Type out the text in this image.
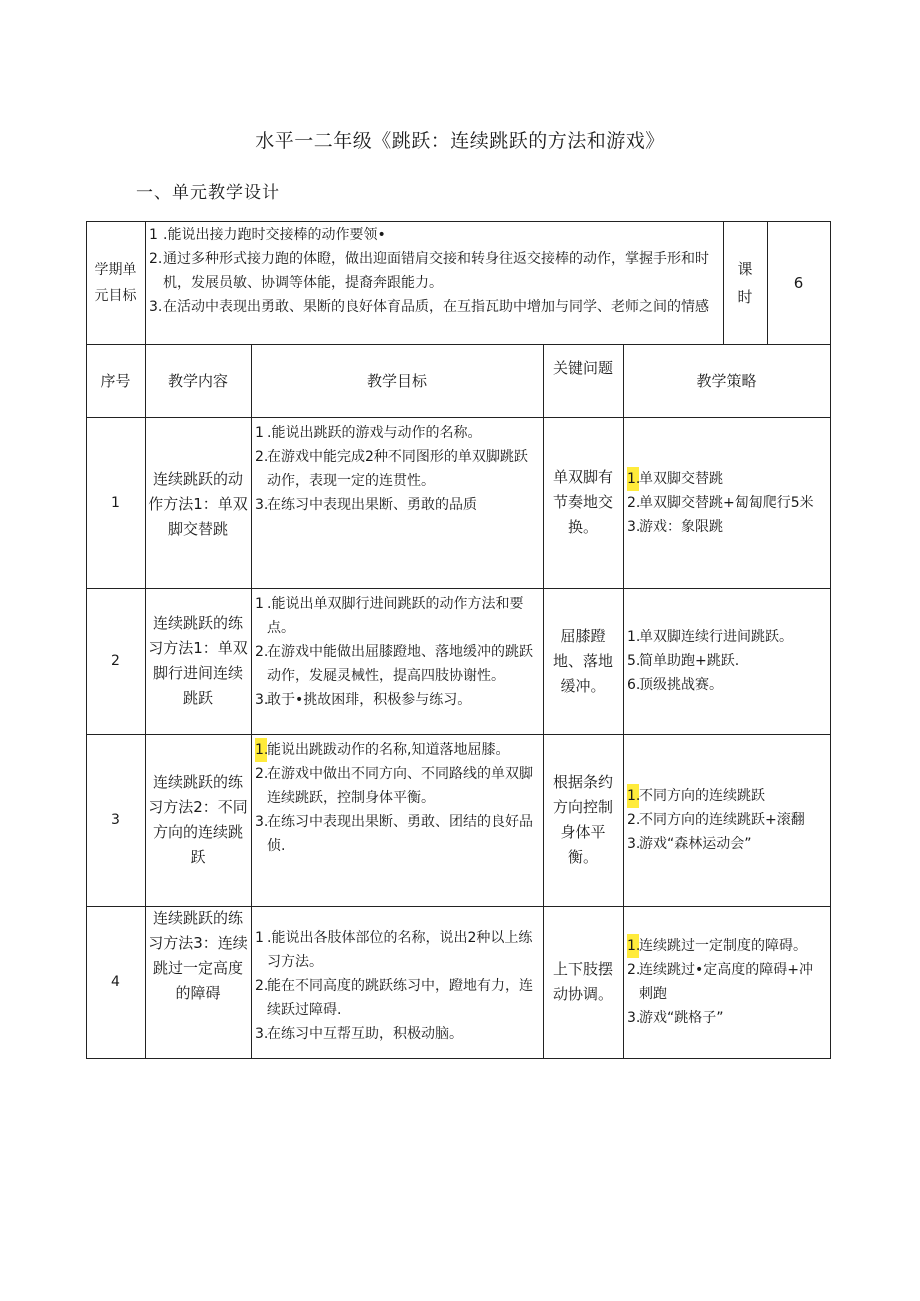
水平一二年级《跳跃：连续跳跃的方法和游戏》
一、单元教学设计
学期单元目标
1 .能说出接力跑时交接棒的动作要领•
2. 通过多种形式接力跑的体瞪，做出迎面错肩交接和转身往返交接棒的动作，掌握手形和时机，发展员敏、协调等体能，提裔奔跟能力。
3. 在活动中表现出勇敢、果断的良好体育品质，在互指瓦助中增加与同学、老师之间的情感
课时
6
序号	教学内容	教学目标
关键问题
教学策略
1
连续跳跃的动作方法1：单双脚交替跳
1 .能说出跳跃的游戏与动作的名称。
2.
在游戏中能完成2种不同图形的单双脚跳跃动作，表现一定的连贯性。
3.
在练习中表现出果断、勇敢的品质
单双脚有节奏地交换。
1.
单双脚交替跳
2.
单双脚交替跳+匐匐爬行5米
3.
游戏：象限跳
2
连续跳跃的练习方法1：单双脚行进间连续跳跃
1 .能说出单双脚行进间跳跃的动作方法和要点。
2.
在游戏中能做出屈膝蹬地、落地缓冲的跳跃动作，发屣灵械性，提高四肢协谢性。
3.
敢于•挑故困琲，积极参与练习。
屈膝蹬地、落地缓冲。
1.
单双脚连续行进间跳跃。
5.
简单助跑+跳跃.
6.
顶级挑战赛。
3
连续跳跃的练习方法2：不同方向的连续跳跃
1.
能说出跳跋动作的名称,知道落地屈膝。
2.
在游戏中做出不同方向、不同路线的单双脚连续跳跃，控制身体平衡。
3.
在练习中表现出果断、勇敢、团结的良好品侦.
根据条约方向控制身体平衡。
1.
不同方向的连续跳跃
2.
不同方向的连续跳跃+滚翻
3.
游戏“森林运动会”
4
连续跳跃的练习方法3：连续跳过一定高度的障碍
1 .能说出各肢体部位的名称，说出2种以上练习方法。
2.
能在不同高度的跳跃练习中，蹬地有力，连续跃过障碍.
3.
在练习中互帮互助，积极动脑。
上下肢摆动协调。
1.
连续跳过一定制度的障碍。
2.
连续跳过•定高度的障碍+冲刺跑
3.
游戏“跳格子”
